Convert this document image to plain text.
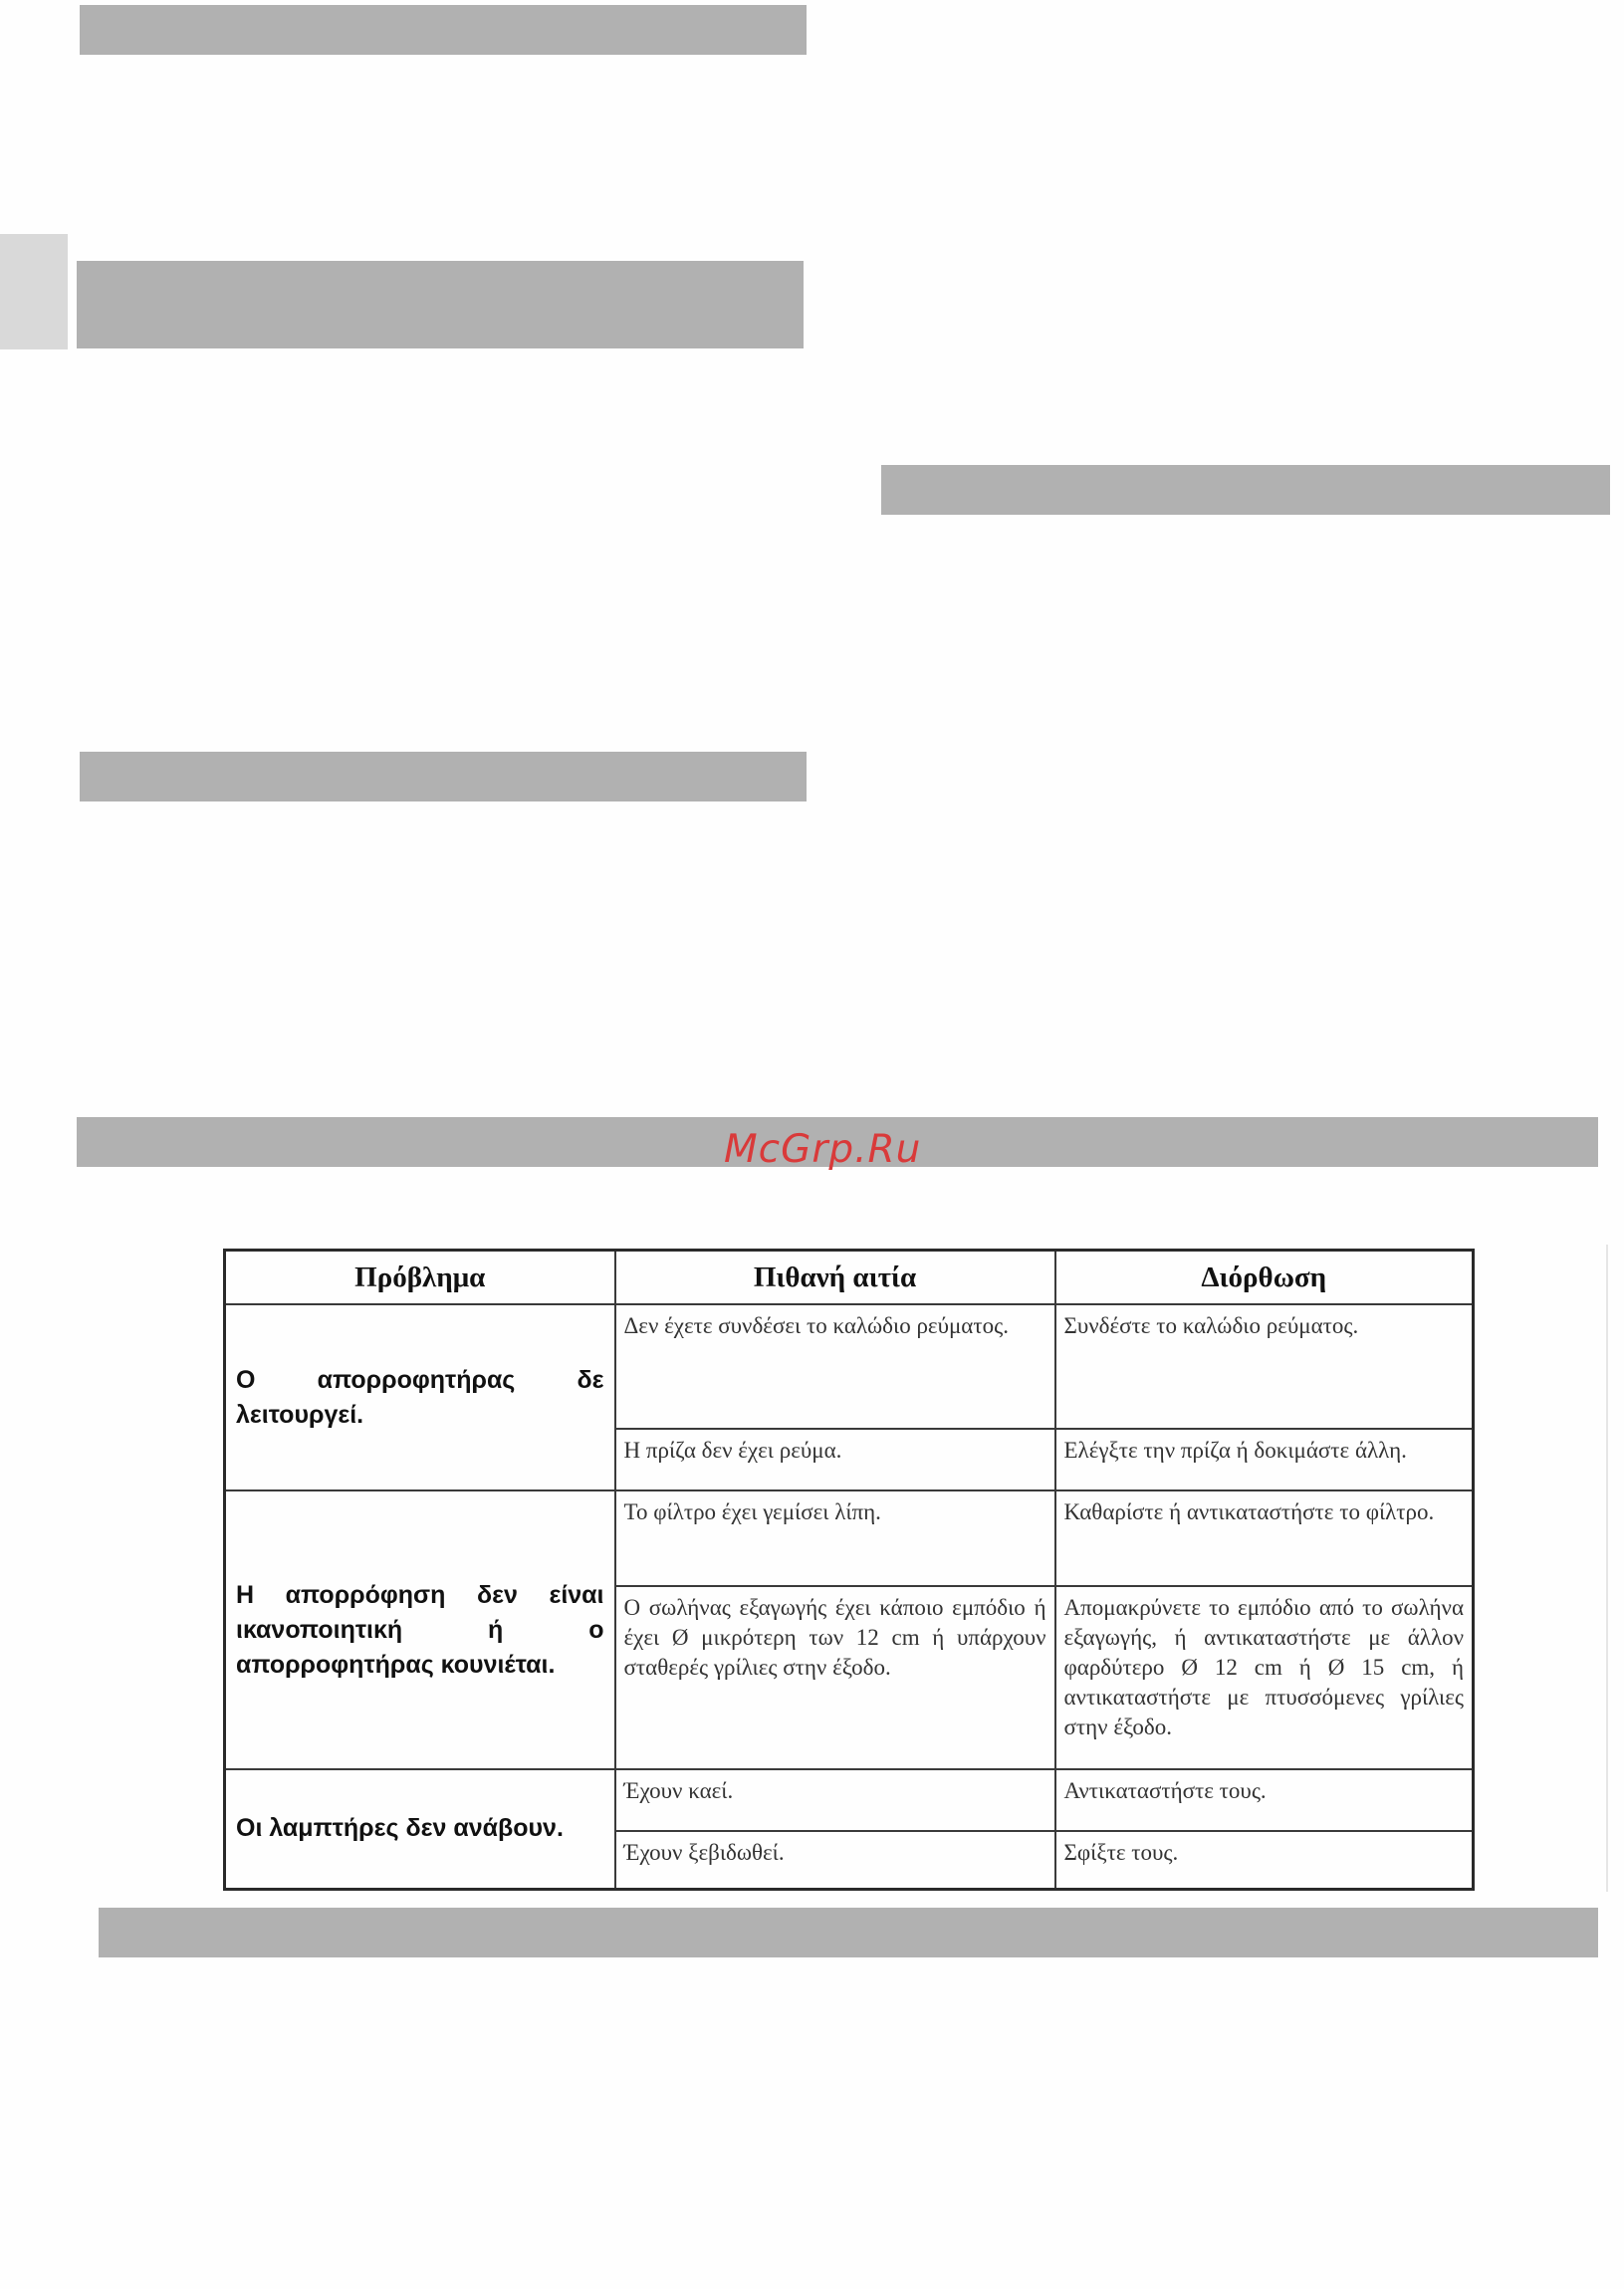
McGrp.Ru
Πρόβλημα	Πιθανή αιτία	Διόρθωση
Ο απορροφητήρας δε λειτουργεί.	Δεν έχετε συνδέσει το καλώδιο ρεύματος.	Συνδέστε το καλώδιο ρεύματος.
	Η πρίζα δεν έχει ρεύμα.	Ελέγξτε την πρίζα ή δοκιμάστε άλλη.
Η απορρόφηση δεν είναι ικανοποιητική ή ο απορροφητήρας κουνιέται.	Το φίλτρο έχει γεμίσει λίπη.	Καθαρίστε ή αντικαταστήστε το φίλτρο.
	Ο σωλήνας εξαγωγής έχει κάποιο εμπόδιο ή έχει Ø μικρότερη των 12 cm ή υπάρχουν σταθερές γρίλιες στην έξοδο.	Απομακρύνετε το εμπόδιο από το σωλήνα εξαγωγής, ή αντικαταστήστε με άλλον φαρδύτερο Ø 12 cm ή Ø 15 cm, ή αντικαταστήστε με πτυσσόμενες γρίλιες στην έξοδο.
Οι λαμπτήρες δεν ανάβουν.	Έχουν καεί.	Αντικαταστήστε τους.
	Έχουν ξεβιδωθεί.	Σφίξτε τους.
